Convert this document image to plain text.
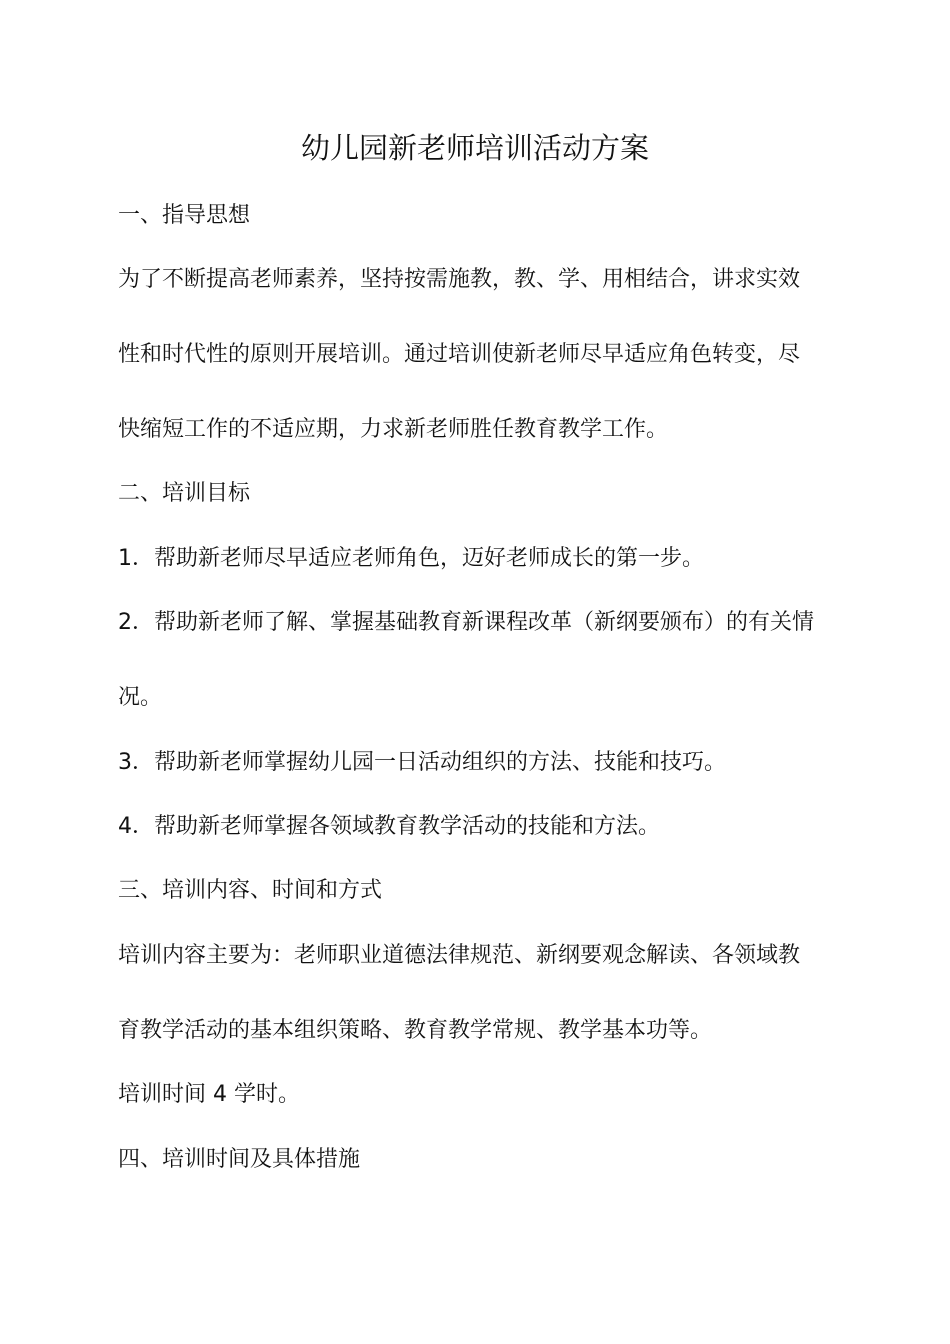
幼儿园新老师培训活动方案
一、指导思想
为了不断提高老师素养，坚持按需施教，教、学、用相结合，讲求实效
性和时代性的原则开展培训。通过培训使新老师尽早适应角色转变，尽
快缩短工作的不适应期，力求新老师胜任教育教学工作。
二、培训目标
1．帮助新老师尽早适应老师角色，迈好老师成长的第一步。
2．帮助新老师了解、掌握基础教育新课程改革（新纲要颁布）的有关情
况。
3．帮助新老师掌握幼儿园一日活动组织的方法、技能和技巧。
4．帮助新老师掌握各领域教育教学活动的技能和方法。
三、培训内容、时间和方式
培训内容主要为：老师职业道德法律规范、新纲要观念解读、各领域教
育教学活动的基本组织策略、教育教学常规、教学基本功等。
培训时间 4 学时。
四、培训时间及具体措施
